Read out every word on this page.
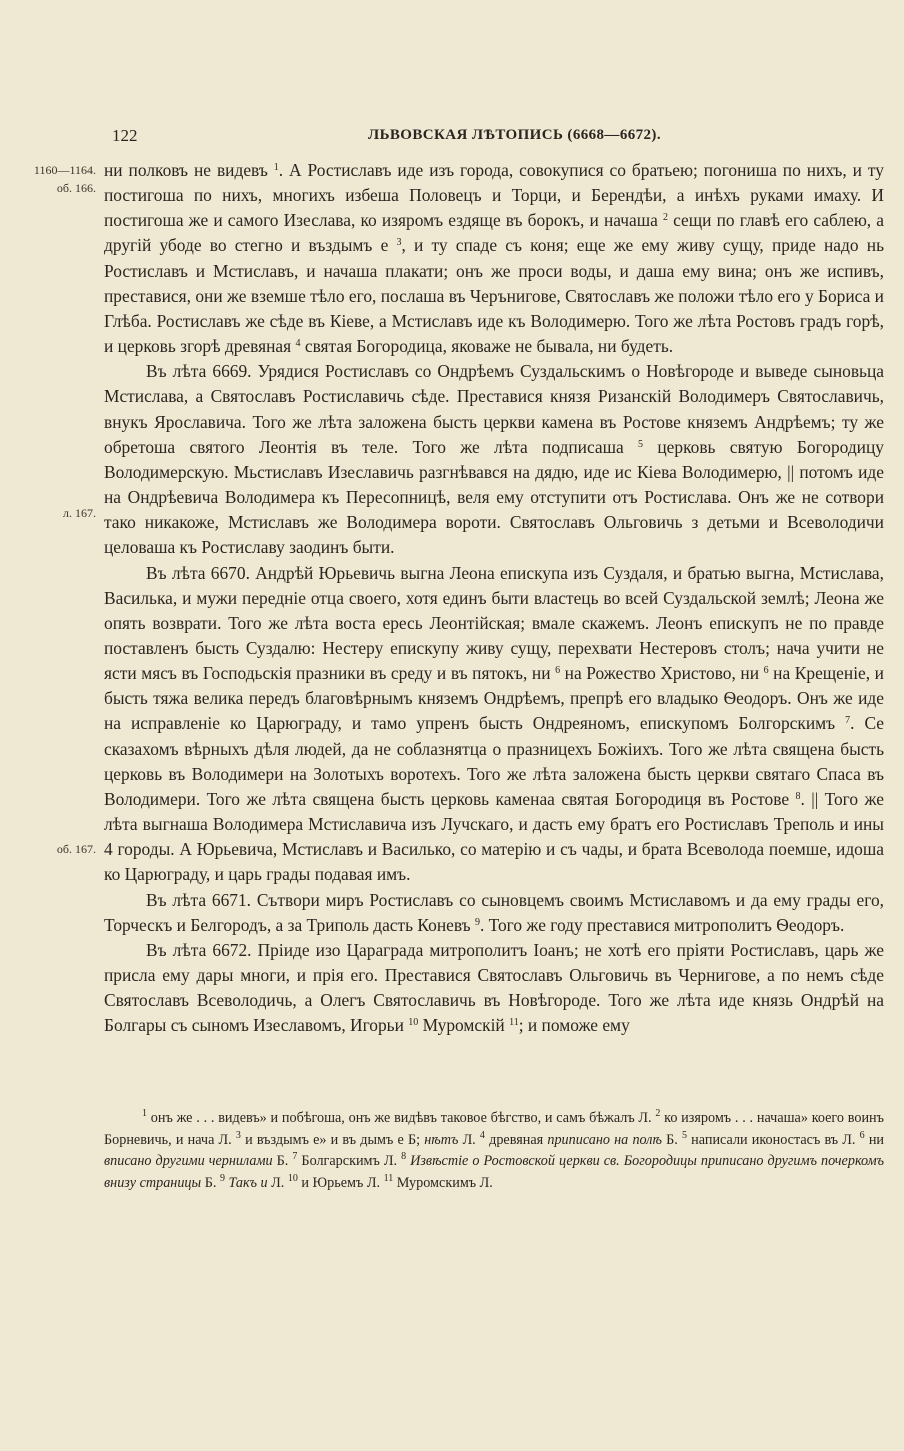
122	ЛЬВОВСКАЯ ЛѢТОПИСЬ (6668—6672).
1160—1164.
об. 166.
л. 167.
об. 167.

ни полковъ не видевъ $^1$. А Ростиславъ иде изъ города, совокупися со братьею; погониша по нихъ, и ту постигоша по нихъ, многихъ избеша Половецъ и Торци, и Берендѣи, а инѣхъ руками имаху. И постигоша же и самого Изеслава, ко изяромъ ездяще въ борокъ, и начаша $^2$ сещи по главѣ его саблею, а другій убоде во стегно и въздымъ е $^3$, и ту спаде съ коня; еще же ему живу сущу, приде надо нь Ростиславъ и Мстиславъ, и начаша плакати; онъ же проси воды, и даша ему вина; онъ же испивъ, преставися, они же вземше тѣло его, послаша въ Черънигове, Святославъ же положи тѣло его у Бориса и Глѣба. Ростиславъ же сѣде въ Кіеве, а Мстиславъ иде къ Володимерю. Того же лѣта Ростовъ градъ горѣ, и церковь згорѣ древяная $^4$ святая Богородица, яковаже не бывала, ни будеть.

Въ лѣта 6669. Урядися Ростиславъ со Ондрѣемъ Суздальскимъ о Новѣгороде и выведе сыновьца Мстислава, а Святославъ Ростиславичь сѣде. Преставися князя Ризанскій Володимеръ Святославичь, внукъ Ярославича. Того же лѣта заложена бысть церкви камена въ Ростове княземъ Андрѣемъ; ту же обретоша святого Леонтія въ теле. Того же лѣта подписаша $^5$ церковь святую Богородицу Володимерскую. Мьстиславъ Изеславичь разгнѣвався на дядю, иде ис Кіева Володимерю, || потомъ иде на Ондрѣевича Володимера къ Пересопницѣ, веля ему отступити отъ Ростислава. Онъ же не сотвори тако никакоже, Мстиславъ же Володимера вороти. Святославъ Ольговичь з детьми и Всеволодичи целоваша къ Ростиславу заодинъ быти.

Въ лѣта 6670. Андрѣй Юрьевичь выгна Леона епискупа изъ Суздаля, и братью выгна, Мстислава, Василька, и мужи передніе отца своего, хотя единъ быти властець во всей Суздальской землѣ; Леона же опять возврати. Того же лѣта воста ересь Леонтійская; вмале скажемъ. Леонъ епискупъ не по правде поставленъ бысть Суздалю: Нестеру епискупу живу сущу, перехвати Нестеровъ столъ; нача учити не ясти мясъ въ Господьскія празники въ среду и въ пятокъ, ни $^6$ на Рожество Христово, ни $^6$ на Крещеніе, и бысть тяжа велика передъ благовѣрнымъ княземъ Ондрѣемъ, препрѣ его владыко Ѳеодоръ. Онъ же иде на исправленіе ко Царюграду, и тамо упренъ бысть Ондреяномъ, епискупомъ Болгорскимъ $^7$. Се сказахомъ вѣрныхъ дѣля людей, да не соблазнятца о празницехъ Божіихъ. Того же лѣта священа бысть церковь въ Володимери на Золотыхъ воротехъ. Того же лѣта заложена бысть церкви святаго Спаса въ Володимери. Того же лѣта священа бысть церковь каменаа святая Богородиця въ Ростове $^8$. || Того же лѣта выгнаша Володимера Мстиславича изъ Лучскаго, и дасть ему братъ его Ростиславъ Треполь и ины 4 городы. А Юрьевича, Мстиславъ и Василько, со матерію и съ чады, и брата Всеволода поемше, идоша ко Царюграду, и царь грады подавая имъ.

Въ лѣта 6671. Сътвори миръ Ростиславъ со сыновцемъ своимъ Мстиславомъ и да ему грады его, Торческъ и Белгородъ, а за Триполь дасть Коневъ $^9$. Того же году преставися митрополитъ Ѳеодоръ.

Въ лѣта 6672. Пріиде изо Цараграда митрополитъ Іоанъ; не хотѣ его пріяти Ростиславъ, царь же присла ему дары многи, и прія его. Преставися Святославъ Ольговичь въ Чернигове, а по немъ сѣде Святославъ Всеволодичь, а Олегъ Святославичь въ Новѣгороде. Того же лѣта иде князь Ондрѣй на Болгары съ сыномъ Изеславомъ, Игорьи $^{10}$ Муромскій $^{11}$; и поможе ему

$^1$ онъ же . . . видевъ» и побѣгоша, онъ же видѣвъ таковое бѣгство, и самъ бѣжалъ Л. $^2$ ко изяромъ . . . начаша» коего воинъ Борневичь, и нача Л. $^3$ и въздымъ е» и въ дымъ е Б; нѣтъ Л. $^4$ древяная приписано на полѣ Б. $^5$ написали иконостасъ въ Л. $^6$ ни вписано другими чернилами Б. $^7$ Болгарскимъ Л. $^8$ Извѣстіе о Ростовской церкви св. Богородицы приписано другимъ почеркомъ внизу страницы Б. $^9$ Такъ и Л. $^{10}$ и Юрьемъ Л. $^{11}$ Муромскимъ Л.
